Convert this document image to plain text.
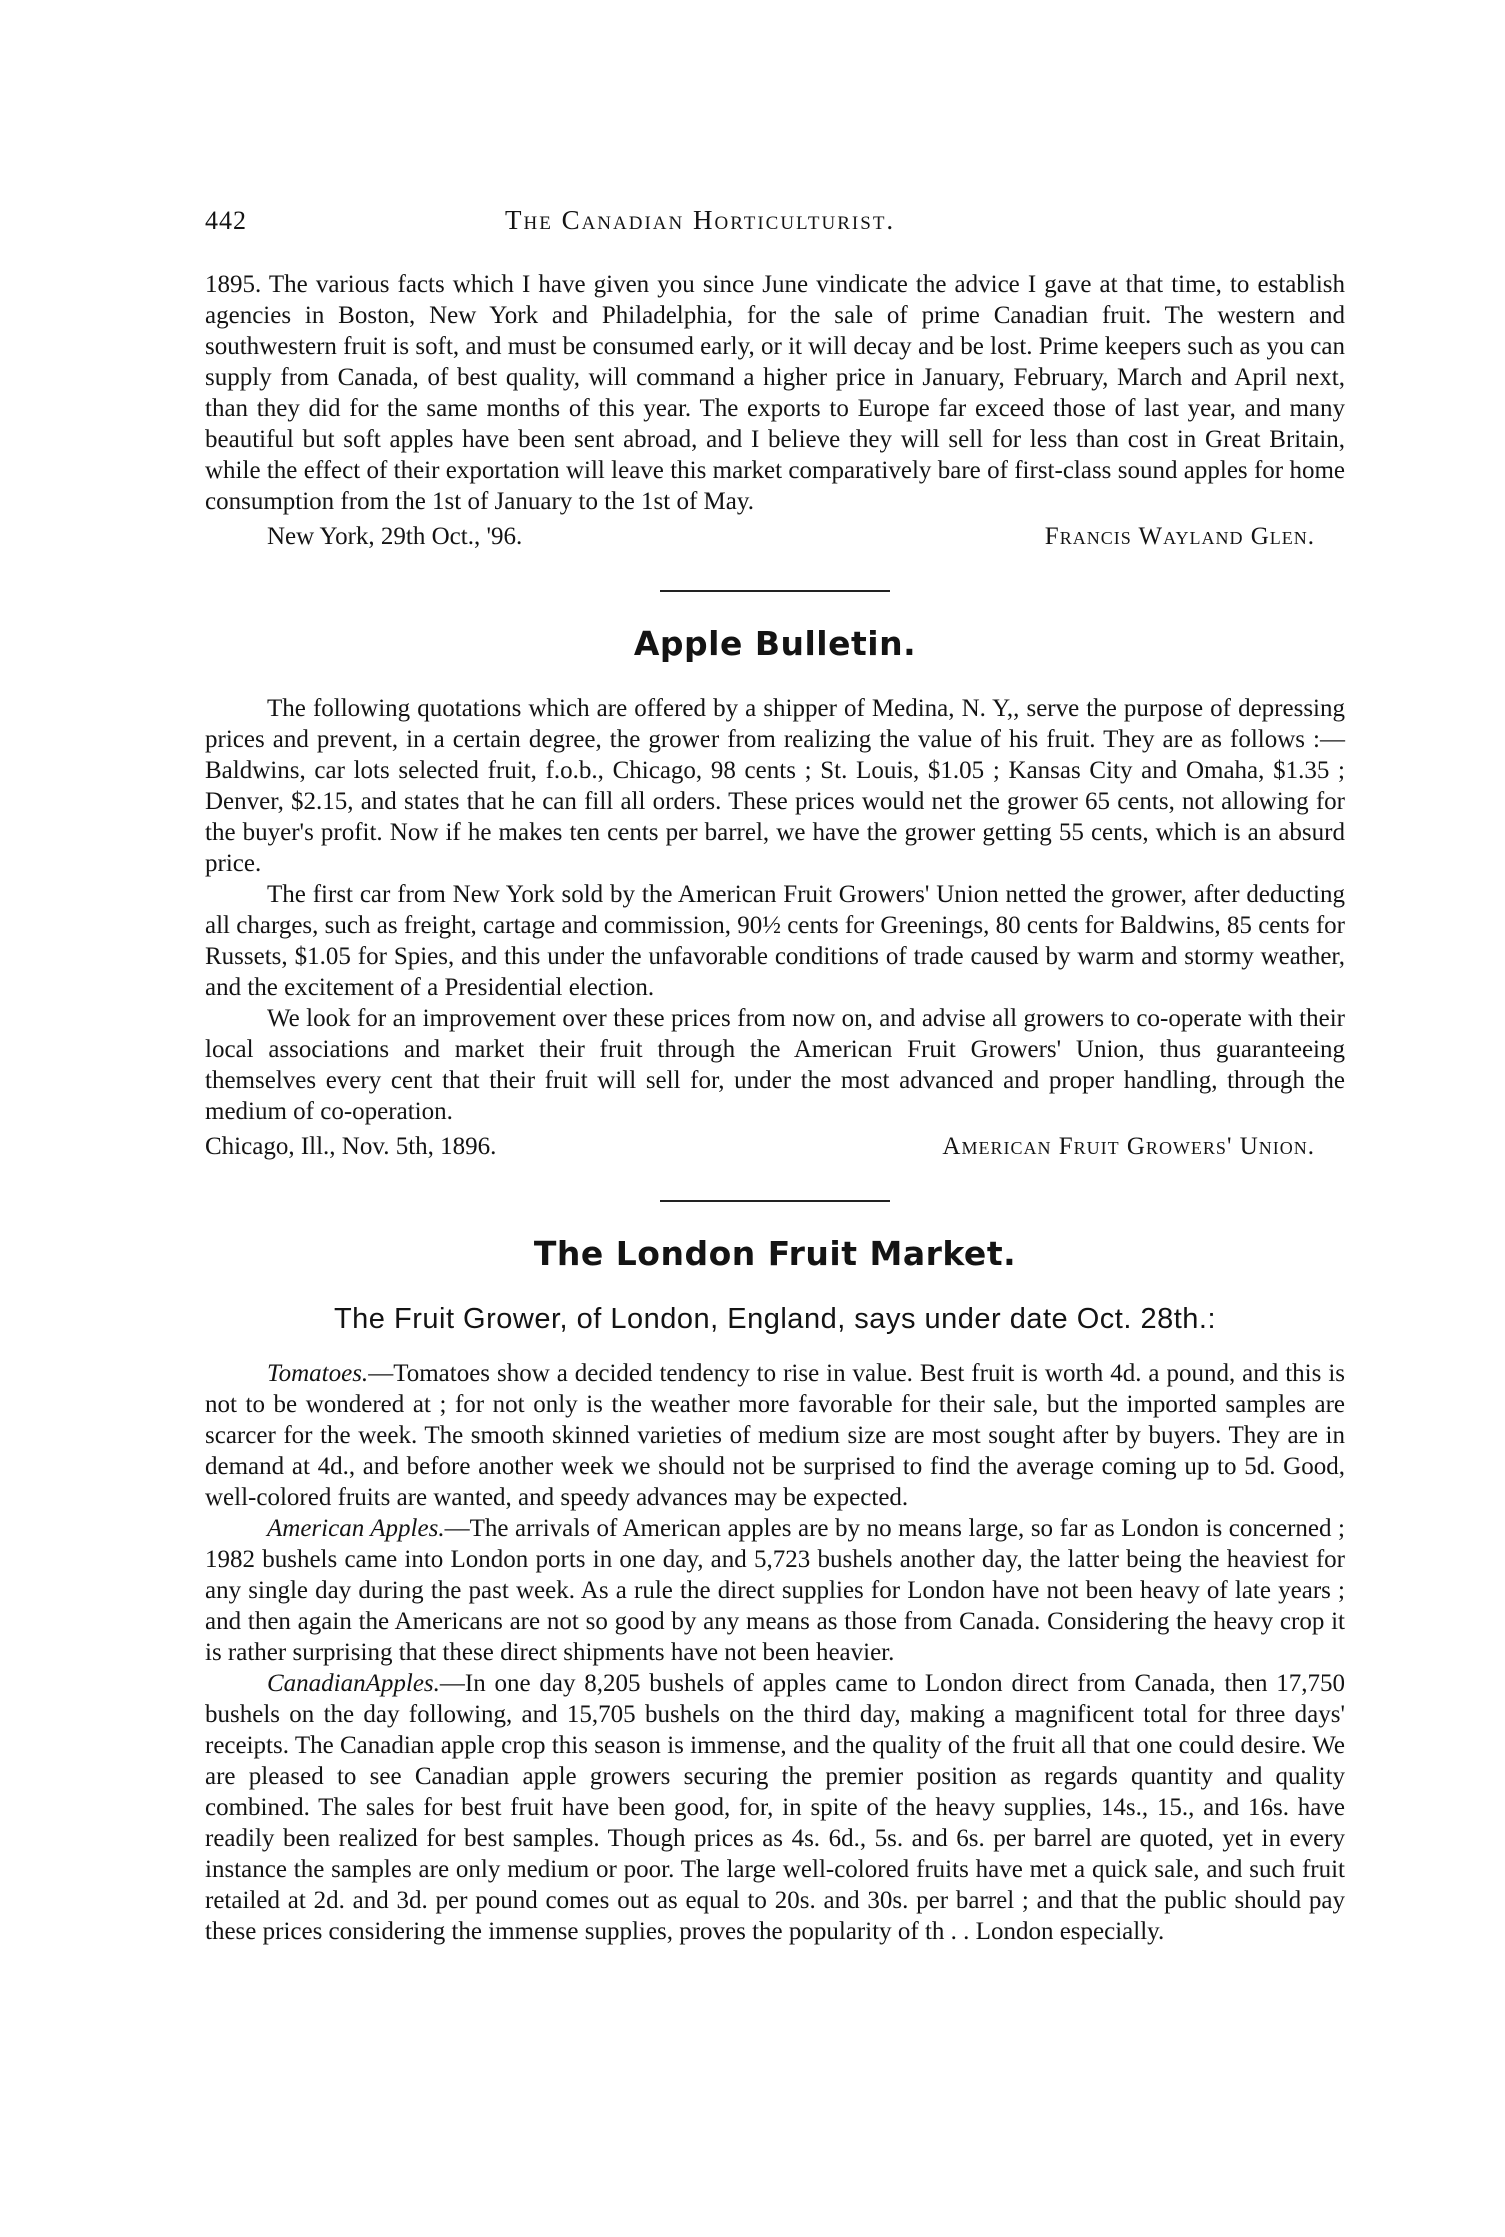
442	The Canadian Horticulturist.

1895. The various facts which I have given you since June vindicate the advice I gave at that time, to establish agencies in Boston, New York and Philadelphia, for the sale of prime Canadian fruit. The western and southwestern fruit is soft, and must be consumed early, or it will decay and be lost. Prime keepers such as you can supply from Canada, of best quality, will command a higher price in January, February, March and April next, than they did for the same months of this year. The exports to Europe far exceed those of last year, and many beautiful but soft apples have been sent abroad, and I believe they will sell for less than cost in Great Britain, while the effect of their exportation will leave this market comparatively bare of first-class sound apples for home consumption from the 1st of January to the 1st of May.

New York, 29th Oct., '96.	Francis Wayland Glen.
Apple Bulletin.

The following quotations which are offered by a shipper of Medina, N. Y,, serve the purpose of depressing prices and prevent, in a certain degree, the grower from realizing the value of his fruit. They are as follows :—Baldwins, car lots selected fruit, f.o.b., Chicago, 98 cents ; St. Louis, $1.05 ; Kansas City and Omaha, $1.35 ; Denver, $2.15, and states that he can fill all orders. These prices would net the grower 65 cents, not allowing for the buyer's profit. Now if he makes ten cents per barrel, we have the grower getting 55 cents, which is an absurd price.

The first car from New York sold by the American Fruit Growers' Union netted the grower, after deducting all charges, such as freight, cartage and commission, 90½ cents for Greenings, 80 cents for Baldwins, 85 cents for Russets, $1.05 for Spies, and this under the unfavorable conditions of trade caused by warm and stormy weather, and the excitement of a Presidential election.

We look for an improvement over these prices from now on, and advise all growers to co-operate with their local associations and market their fruit through the American Fruit Growers' Union, thus guaranteeing themselves every cent that their fruit will sell for, under the most advanced and proper handling, through the medium of co-operation.

Chicago, Ill., Nov. 5th, 1896.	American Fruit Growers' Union.
The London Fruit Market.
The Fruit Grower, of London, England, says under date Oct. 28th.:

Tomatoes.—Tomatoes show a decided tendency to rise in value. Best fruit is worth 4d. a pound, and this is not to be wondered at ; for not only is the weather more favorable for their sale, but the imported samples are scarcer for the week. The smooth skinned varieties of medium size are most sought after by buyers. They are in demand at 4d., and before another week we should not be surprised to find the average coming up to 5d. Good, well-colored fruits are wanted, and speedy advances may be expected.

American Apples.—The arrivals of American apples are by no means large, so far as London is concerned ; 1982 bushels came into London ports in one day, and 5,723 bushels another day, the latter being the heaviest for any single day during the past week. As a rule the direct supplies for London have not been heavy of late years ; and then again the Americans are not so good by any means as those from Canada. Considering the heavy crop it is rather surprising that these direct shipments have not been heavier.

CanadianApples.—In one day 8,205 bushels of apples came to London direct from Canada, then 17,750 bushels on the day following, and 15,705 bushels on the third day, making a magnificent total for three days' receipts. The Canadian apple crop this season is immense, and the quality of the fruit all that one could desire. We are pleased to see Canadian apple growers securing the premier position as regards quantity and quality combined. The sales for best fruit have been good, for, in spite of the heavy supplies, 14s., 15., and 16s. have readily been realized for best samples. Though prices as 4s. 6d., 5s. and 6s. per barrel are quoted, yet in every instance the samples are only medium or poor. The large well-colored fruits have met a quick sale, and such fruit retailed at 2d. and 3d. per pound comes out as equal to 20s. and 30s. per barrel ; and that the public should pay these prices considering the immense supplies, proves the popularity of th . . London especially.
